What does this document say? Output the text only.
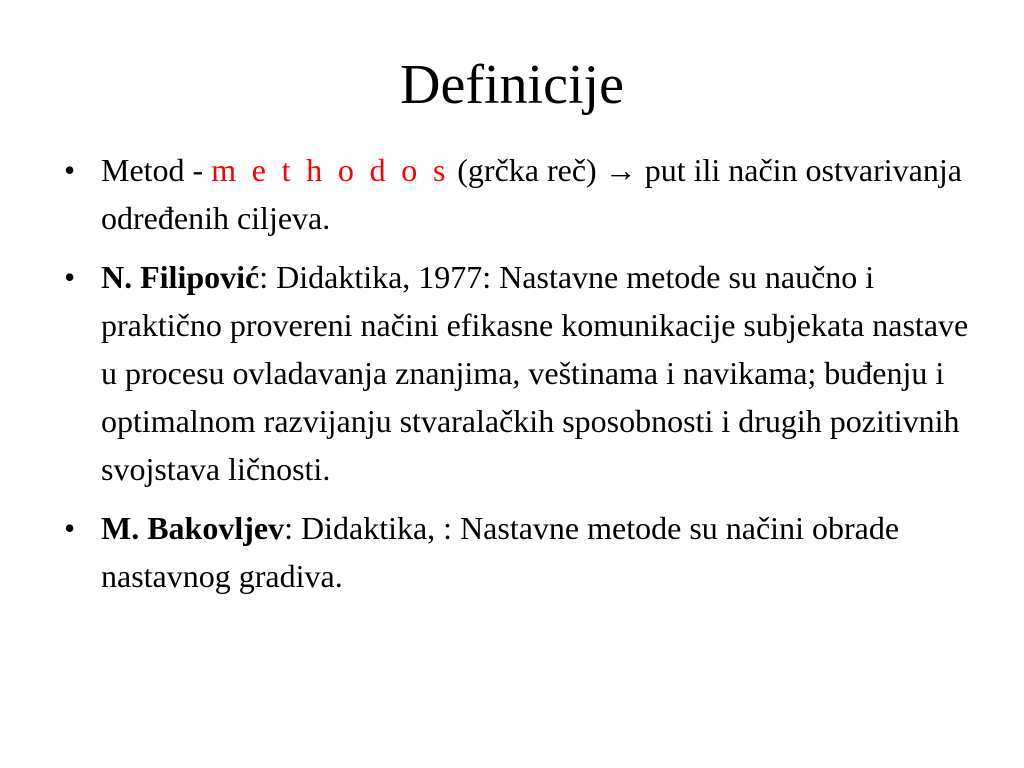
Definicije
• Metod - m e t h o d o s (grčka reč) → put ili način ostvarivanja određenih ciljeva.
• N. Filipović: Didaktika, 1977: Nastavne metode su naučno i praktično provereni načini efikasne komunikacije subjekata nastave u procesu ovladavanja znanjima, veštinama i navikama; buđenju i optimalnom razvijanju stvaralačkih sposobnosti i drugih pozitivnih svojstava ličnosti.
• M. Bakovljev: Didaktika, : Nastavne metode su načini obrade nastavnog gradiva.
